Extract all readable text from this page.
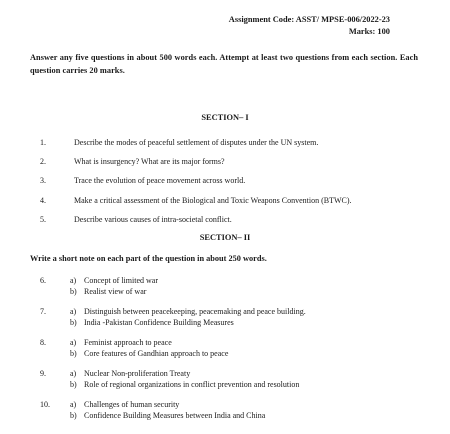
Assignment Code: ASST/ MPSE-006/2022-23
Marks: 100
Answer any five questions in about 500 words each. Attempt at least two questions from each section. Each question carries 20 marks.
SECTION– I
1.	Describe the modes of peaceful settlement of disputes under the UN system.
2.	What is insurgency? What are its major forms?
3.	Trace the evolution of peace movement across world.
4.	Make a critical assessment of the Biological and Toxic Weapons Convention (BTWC).
5.	Describe various causes of intra-societal conflict.
SECTION– II
Write a short note on each part of the question in about 250 words.
6.	a) Concept of limited war
b) Realist view of war
7.	a) Distinguish between peacekeeping, peacemaking and peace building.
b) India -Pakistan Confidence Building Measures
8.	a) Feminist approach to peace
b) Core features of Gandhian approach to peace
9.	a) Nuclear Non-proliferation Treaty
b) Role of regional organizations in conflict prevention and resolution
10.	a) Challenges of human security
b) Confidence Building Measures between India and China
